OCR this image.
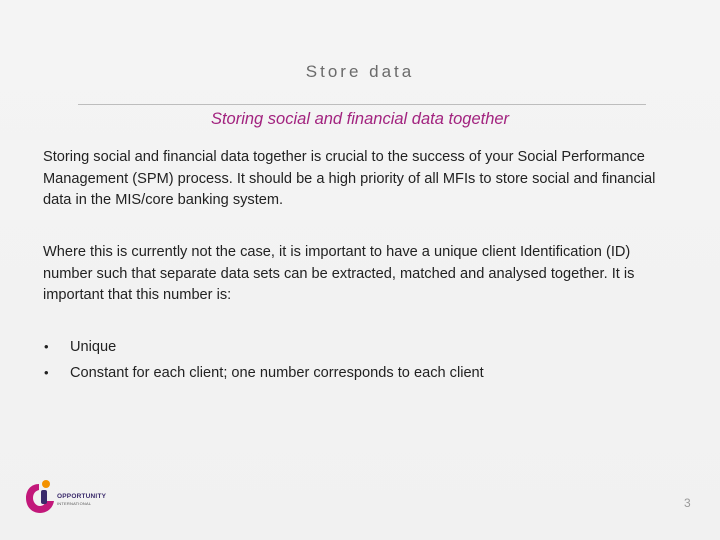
Store data
Storing social and financial data together
Storing social and financial data together is crucial to the success of your Social Performance Management (SPM) process. It should be a high priority of all MFIs to store social and financial data in the MIS/core banking system.
Where this is currently not the case, it is important to have a unique client Identification (ID) number such that separate data sets can be extracted, matched and analysed together. It is important that this number is:
• Unique
• Constant for each client; one number corresponds to each client
OPPORTUNITY
INTERNATIONAL	3
